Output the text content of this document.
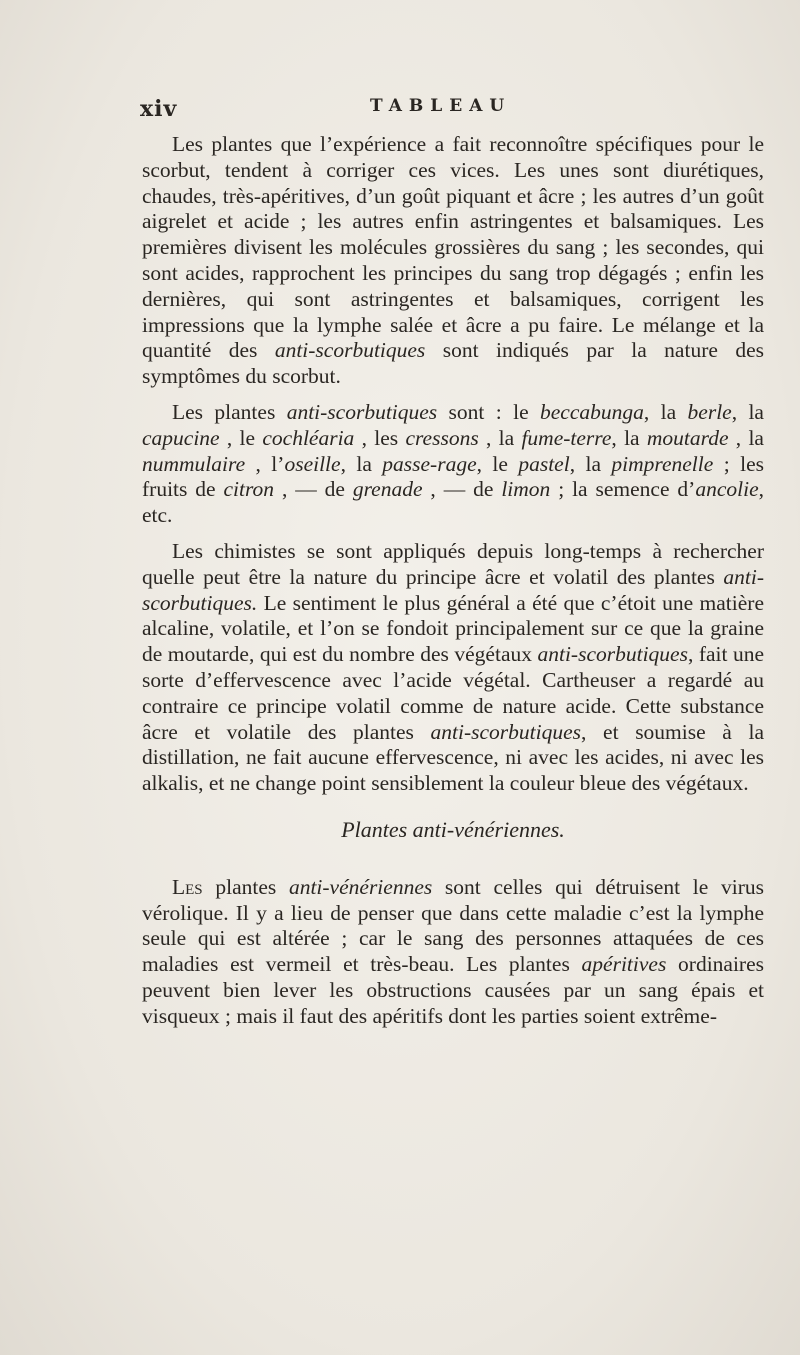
xiv	TABLEAU

Les plantes que l’expérience a fait reconnoître spécifiques pour le scorbut, tendent à corriger ces vices. Les unes sont diurétiques, chaudes, très-apéritives, d’un goût piquant et âcre ; les autres d’un goût aigrelet et acide ; les autres enfin astringentes et balsamiques. Les premières divisent les molécules grossières du sang ; les secondes, qui sont acides, rapprochent les principes du sang trop dégagés ; enfin les dernières, qui sont astringentes et balsamiques, corrigent les impressions que la lymphe salée et âcre a pu faire. Le mélange et la quantité des anti-scorbutiques sont indiqués par la nature des symptômes du scorbut.

Les plantes anti-scorbutiques sont : le beccabunga, la berle, la capucine , le cochléaria , les cressons , la fume-terre, la moutarde , la nummulaire , l’oseille, la passe-rage, le pastel, la pimprenelle ; les fruits de citron , — de grenade , — de limon ; la semence d’ancolie, etc.

Les chimistes se sont appliqués depuis long-temps à rechercher quelle peut être la nature du principe âcre et volatil des plantes anti-scorbutiques. Le sentiment le plus général a été que c’étoit une matière alcaline, volatile, et l’on se fondoit principalement sur ce que la graine de moutarde, qui est du nombre des végétaux anti-scorbutiques, fait une sorte d’effervescence avec l’acide végétal. Cartheuser a regardé au contraire ce principe volatil comme de nature acide. Cette substance âcre et volatile des plantes anti-scorbutiques, et soumise à la distillation, ne fait aucune effervescence, ni avec les acides, ni avec les alkalis, et ne change point sensiblement la couleur bleue des végétaux.

Plantes anti-vénériennes.

Les plantes anti-vénériennes sont celles qui détruisent le virus vérolique. Il y a lieu de penser que dans cette maladie c’est la lymphe seule qui est altérée ; car le sang des personnes attaquées de ces maladies est vermeil et très-beau. Les plantes apéritives ordinaires peuvent bien lever les obstructions causées par un sang épais et visqueux ; mais il faut des apéritifs dont les parties soient extrême-
